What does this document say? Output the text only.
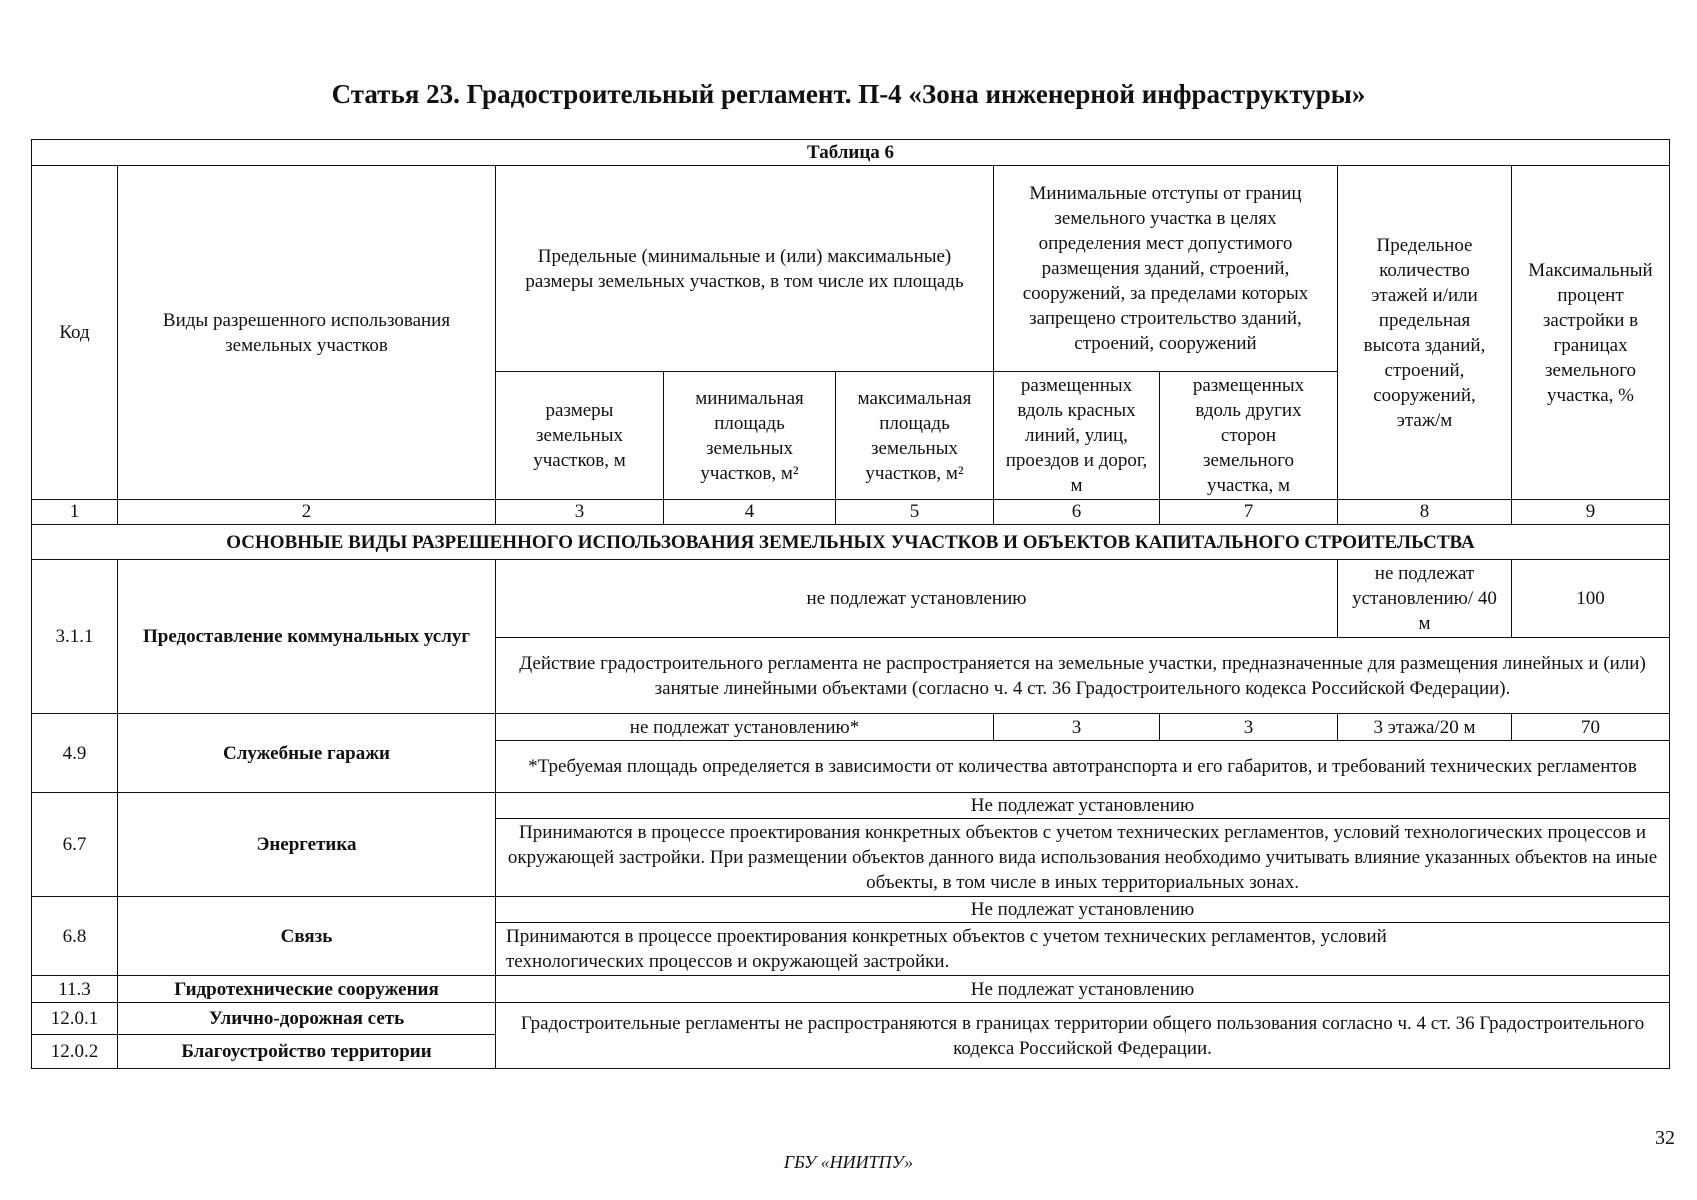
Статья 23. Градостроительный регламент. П-4 «Зона инженерной инфраструктуры»
Таблица 6								
Код	Виды разрешенного использования земельных участков	Предельные (минимальные и (или) максимальные) размеры земельных участков, в том числе их площадь			Минимальные отступы от границ земельного участка в целях определения мест допустимого размещения зданий, строений, сооружений, за пределами которых запрещено строительство зданий, строений, сооружений		Предельное количество этажей и/или предельная высота зданий, строений, сооружений, этаж/м	Максимальный процент застройки в границах земельного участка, %
		размеры земельных участков, м	минимальная площадь земельных участков, м²	максимальная площадь земельных участков, м²	размещенных вдоль красных линий, улиц, проездов и дорог, м	размещенных вдоль других сторон земельного участка, м		
1	2	3	4	5	6	7	8	9
ОСНОВНЫЕ ВИДЫ РАЗРЕШЕННОГО ИСПОЛЬЗОВАНИЯ ЗЕМЕЛЬНЫХ УЧАСТКОВ И ОБЪЕКТОВ КАПИТАЛЬНОГО СТРОИТЕЛЬСТВА								
3.1.1	Предоставление коммунальных услуг	не подлежат установлению					не подлежат установлению/ 40 м	100
		Действие градостроительного регламента не распространяется на земельные участки, предназначенные для размещения линейных и (или) занятые линейными объектами (согласно ч. 4 ст. 36 Градостроительного кодекса Российской Федерации).						
4.9	Служебные гаражи	не подлежат установлению*			3	3	3 этажа/20 м	70
		*Требуемая площадь определяется в зависимости от количества автотранспорта и его габаритов, и требований технических регламентов						
6.7	Энергетика	Не подлежат установлению						
		Принимаются в процессе проектирования конкретных объектов с учетом технических регламентов, условий технологических процессов и окружающей застройки. При размещении объектов данного вида использования необходимо учитывать влияние указанных объектов на иные объекты, в том числе в иных территориальных зонах.						
6.8	Связь	Не подлежат установлению						

		Принимаются в процессе проектирования конкретных объектов с учетом технических регламентов, условий
технологических процессов и окружающей застройки.						

11.3	Гидротехнические сооружения	Не подлежат установлению						
12.0.1	Улично-дорожная сеть	Градостроительные регламенты не распространяются в границах территории общего пользования согласно ч. 4 ст. 36 Градостроительного кодекса Российской Федерации.						
12.0.2	Благоустройство территории							
32
ГБУ «НИИТПУ»
